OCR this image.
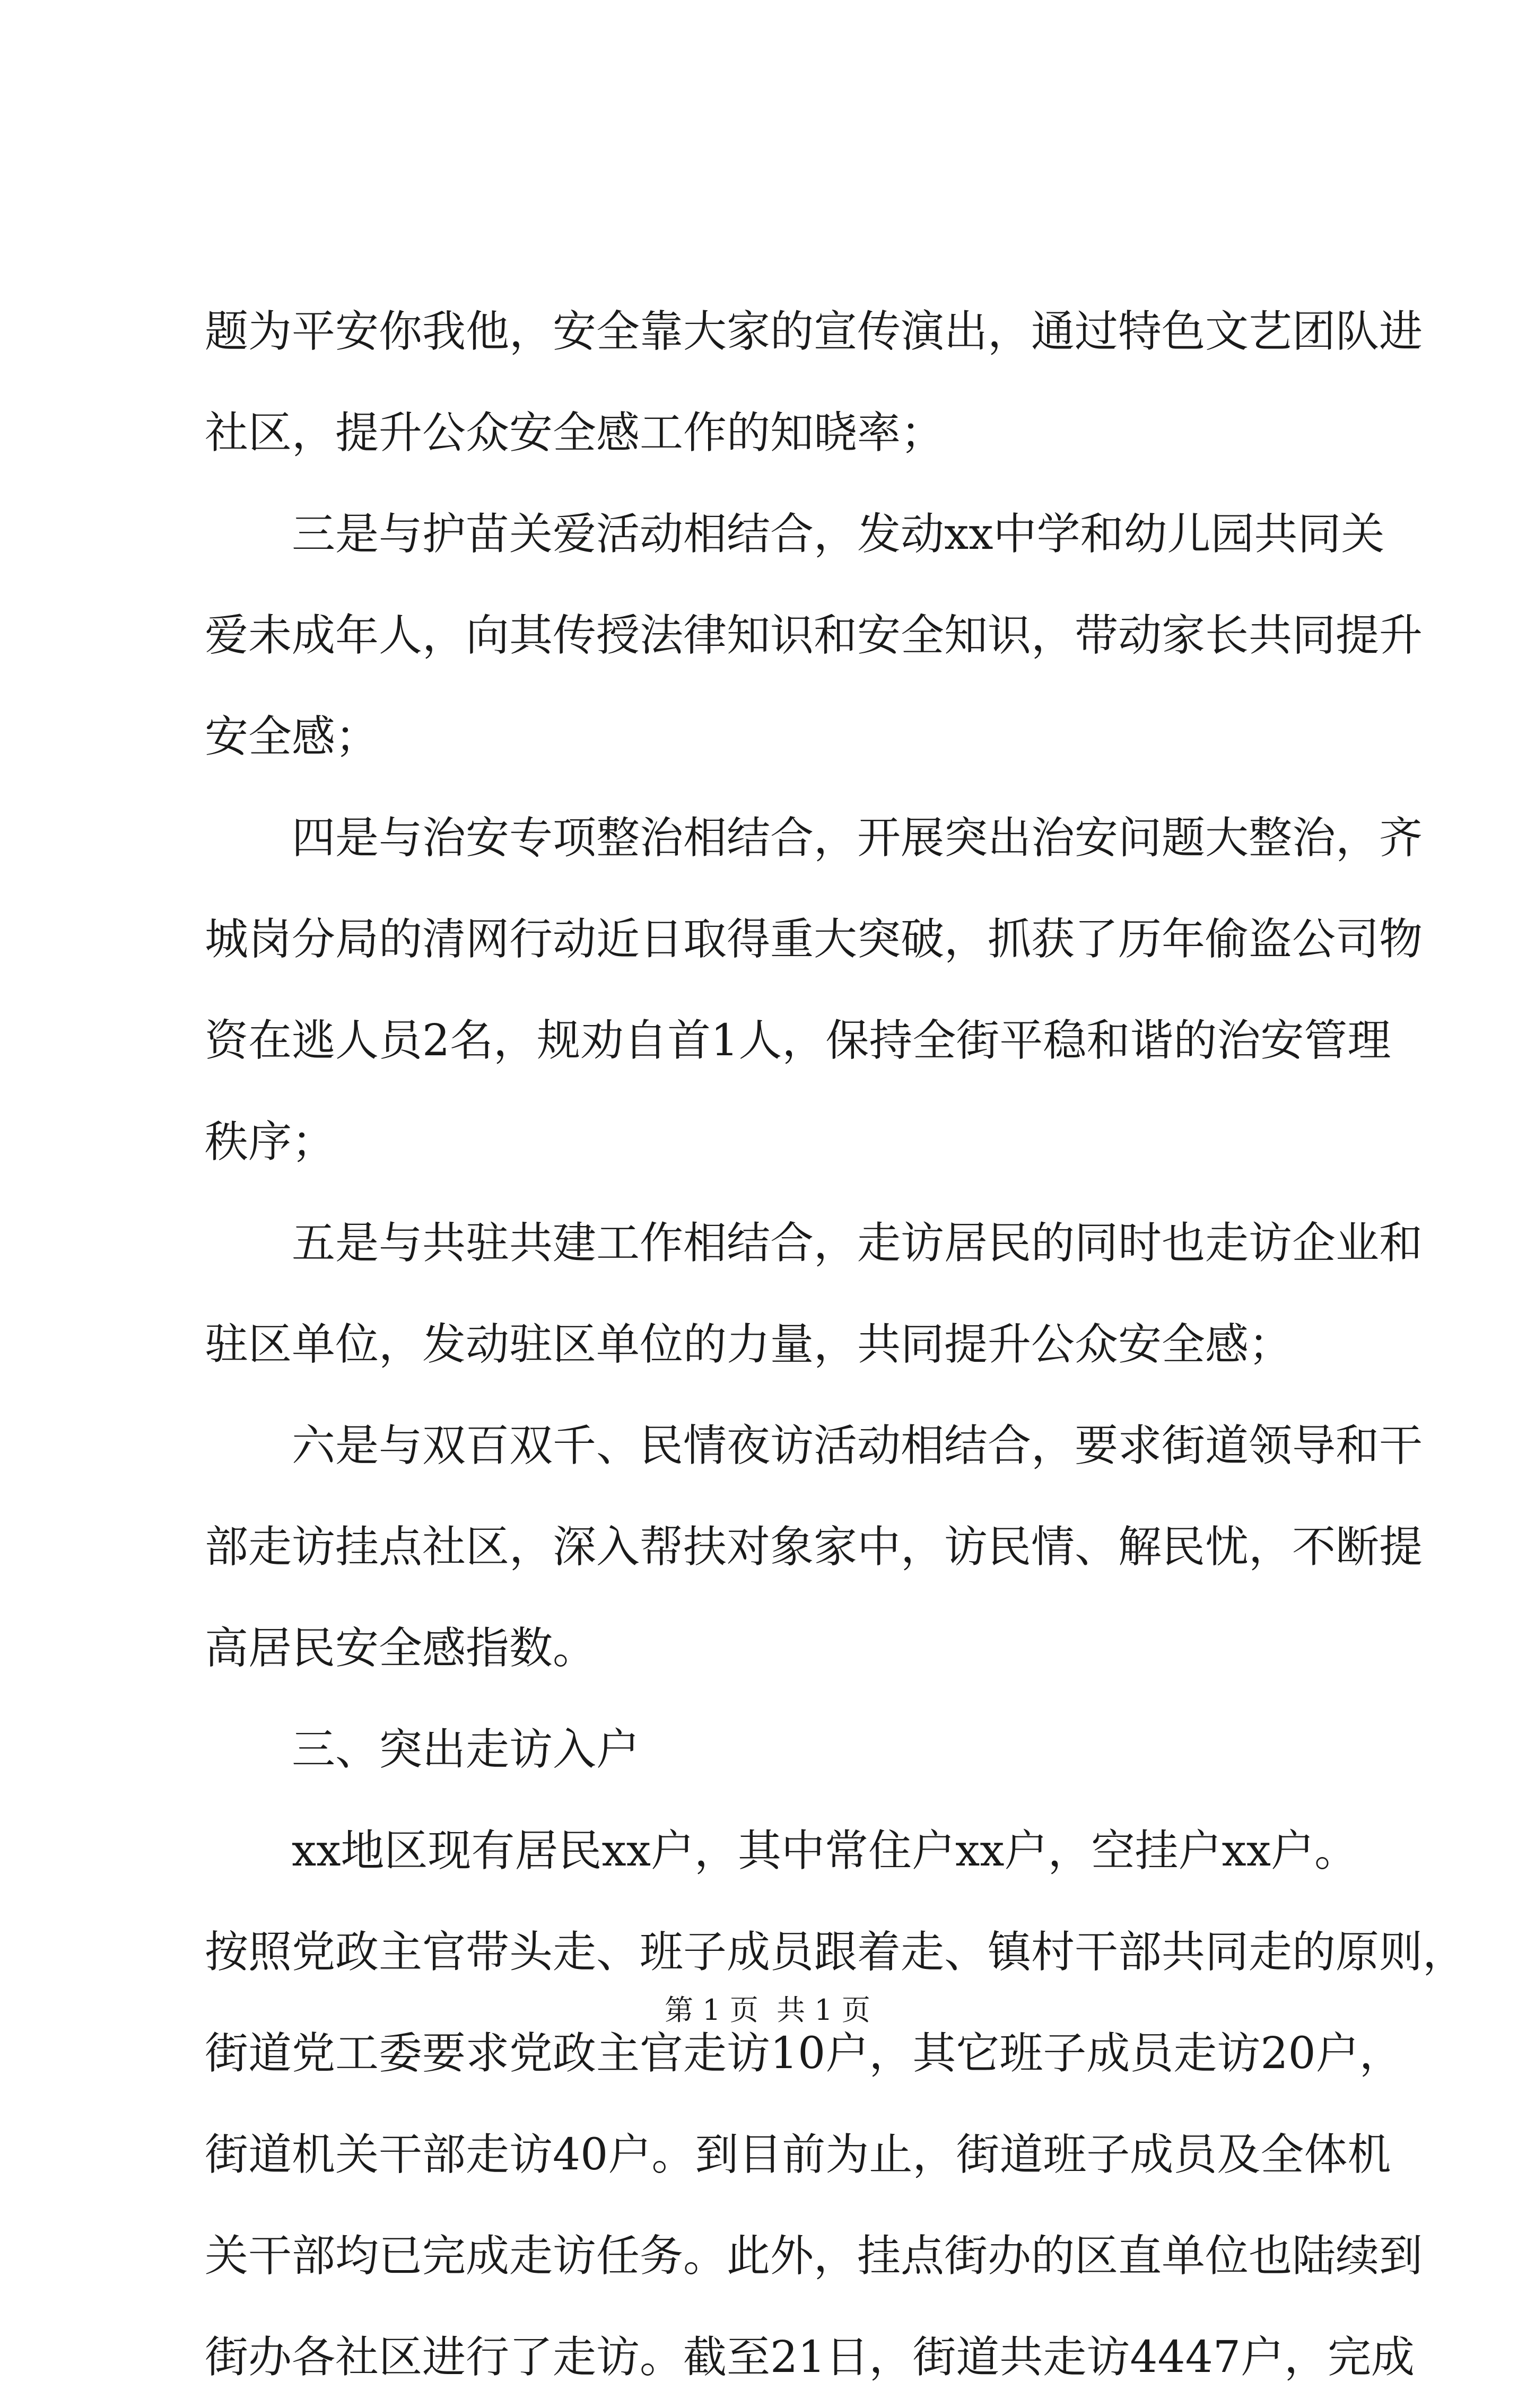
题为平安你我他，安全靠大家的宣传演出，通过特色文艺团队进
社区，提升公众安全感工作的知晓率；
三是与护苗关爱活动相结合，发动xx中学和幼儿园共同关
爱未成年人，向其传授法律知识和安全知识，带动家长共同提升
安全感；
四是与治安专项整治相结合，开展突出治安问题大整治，齐
城岗分局的清网行动近日取得重大突破，抓获了历年偷盗公司物
资在逃人员2名，规劝自首1人，保持全街平稳和谐的治安管理
秩序；
五是与共驻共建工作相结合，走访居民的同时也走访企业和
驻区单位，发动驻区单位的力量，共同提升公众安全感；
六是与双百双千、民情夜访活动相结合，要求街道领导和干
部走访挂点社区，深入帮扶对象家中，访民情、解民忧，不断提
高居民安全感指数。
三、突出走访入户
xx地区现有居民xx户，其中常住户xx户，空挂户xx户。
按照党政主官带头走、班子成员跟着走、镇村干部共同走的原则，
街道党工委要求党政主官走访10户，其它班子成员走访20户，
街道机关干部走访40户。到目前为止，街道班子成员及全体机
关干部均已完成走访任务。此外，挂点街办的区直单位也陆续到
街办各社区进行了走访。截至21日，街道共走访4447户，完成
第 1 页  共 1 页
